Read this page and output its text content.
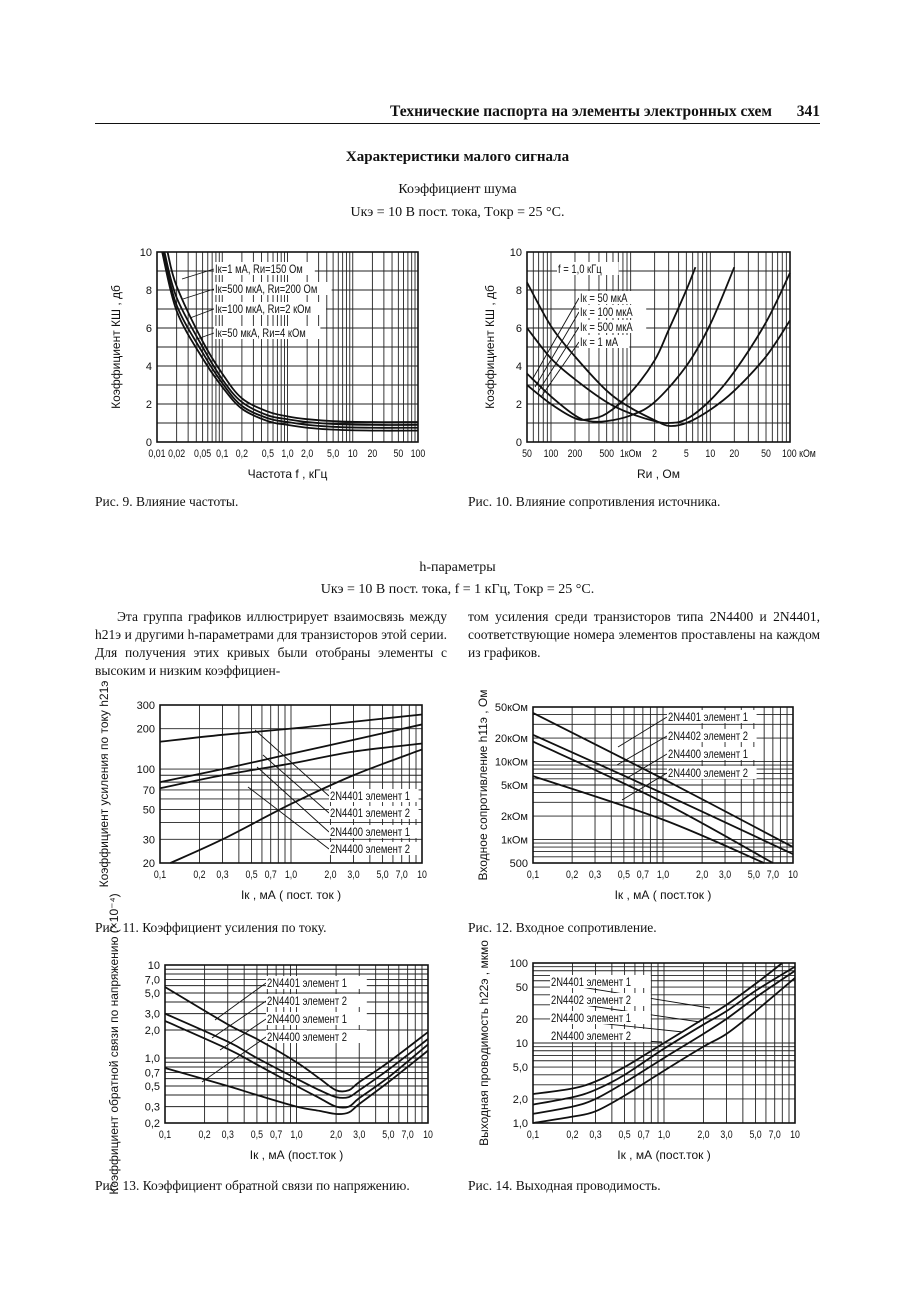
Технические паспорта на элементы электронных схем 341
Характеристики малого сигнала
Коэффициент шума
Uкэ = 10 В пост. тока, Tокр = 25 °C.
Рис. 9. Влияние частоты.	Рис. 10. Влияние сопротивления источника.
h-параметры
Uкэ = 10 В пост. тока, f = 1 кГц, Tокр = 25 °C.
Эта группа графиков иллюстрирует взаимосвязь между h21э и другими h-параметрами для транзисторов этой серии. Для получения этих кривых были отобраны элементы с высоким и низким коэффициен-
том усиления среди транзисторов типа 2N4400 и 2N4401, соответствующие номера элементов проставлены на каждом из графиков.
Рис. 11. Коэффициент усиления по току.	Рис. 12. Входное сопротивление.
Рис. 13. Коэффициент обратной связи по напряжению.	Рис. 14. Выходная проводимость.
0,01 0,02 0,05 0,1 0,2 0,5 1,0 2,0 5,0 10 20 50 100
0
2
4
6
8
10
Частота f , кГц
Коэффициент КШ , дб
Iк=1 мА, Rи=150 Ом
Iк=500 мкА, Rи=200 Ом
Iк=100 мкА, Rи=2 кОм
Iк=50 мкА, Rи=4 кОм
50 100 200 500 1кОм 2 5 10 20 50 100 кОм
0
2
4
6
8
10
Rи , Ом
Коэффициент КШ , дб
f = 1,0 кГц
Iк = 50 мкА
Iк = 100 мкА
Iк = 500 мкА
Iк = 1 мА
0,1 0,2 0,3 0,5 0,7 1,0 2,0 3,0 5,0 7,0 10
20
30
50
70
100
200
300
Iк , мА ( пост. ток )
Коэффициент усиления по току h21э	2N4401 элемент 1
2N4401 элемент 2
2N4400 элемент 1
2N4400 элемент 2
0,1 0,2 0,3 0,5 0,7 1,0 2,0 3,0 5,0 7,0 10
500
1кОм
2кОм
5кОм
10кОм
20кОм
50кОм
Iк , мА ( пост.ток )
Входное сопротивление h11э , Ом	2N4401 элемент 1
2N4402 элемент 2
2N4400 элемент 1
2N4400 элемент 2
0,1 0,2 0,3 0,5 0,7 1,0 2,0 3,0 5,0 7,0 10
0,2
0,3
0,5
0,7
1,0
2,0
3,0
5,0
7,0
10
Iк , мА (пост.ток )
Коэффициент обратной связи по напряжению (×10⁻⁴)	2N4401 элемент 1
2N4401 элемент 2
2N4400 элемент 1
2N4400 элемент 2
0,1 0,2 0,3 0,5 0,7 1,0 2,0 3,0 5,0 7,0 10
1,0
2,0
5,0
10
20
50
100
Iк , мА (пост.ток )
Выходная проводимость h22э , мкмо	2N4401 элемент 1
2N4402 элемент 2
2N4400 элемент 1
2N4400 элемент 2
